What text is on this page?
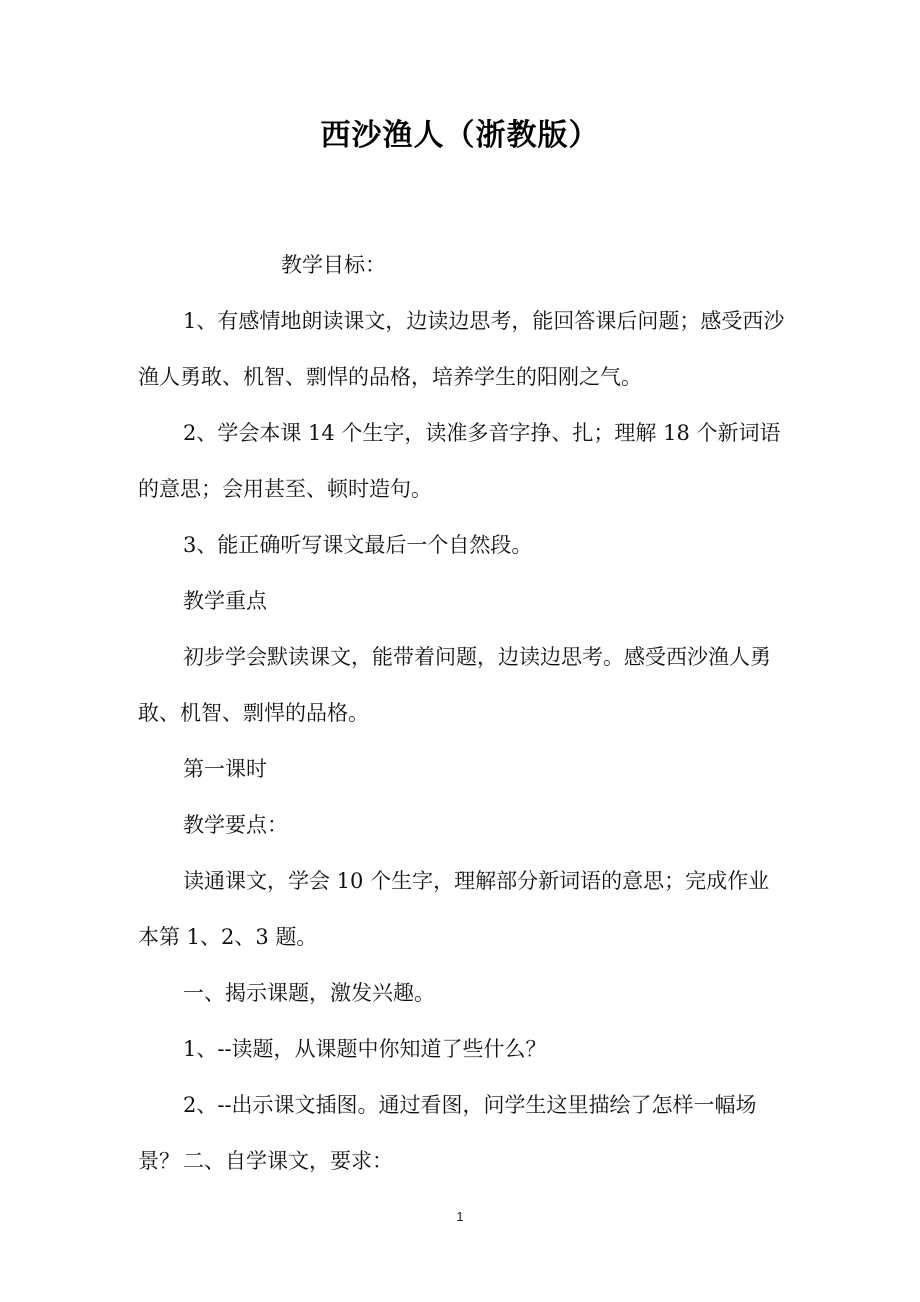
西沙渔人（浙教版）

教学目标：

1、有感情地朗读课文，边读边思考，能回答课后问题；感受西沙渔人勇敢、机智、剽悍的品格，培养学生的阳刚之气。

2、学会本课 14 个生字，读准多音字挣、扎；理解 18 个新词语的意思；会用甚至、顿时造句。

3、能正确听写课文最后一个自然段。

教学重点

初步学会默读课文，能带着问题，边读边思考。感受西沙渔人勇敢、机智、剽悍的品格。

第一课时

教学要点：

读通课文，学会 10 个生字，理解部分新词语的意思；完成作业本第 1、2、3 题。

一、揭示课题，激发兴趣。

1、--读题，从课题中你知道了些什么？

2、--出示课文插图。通过看图，问学生这里描绘了怎样一幅场景？ 二、自学课文，要求：

1
